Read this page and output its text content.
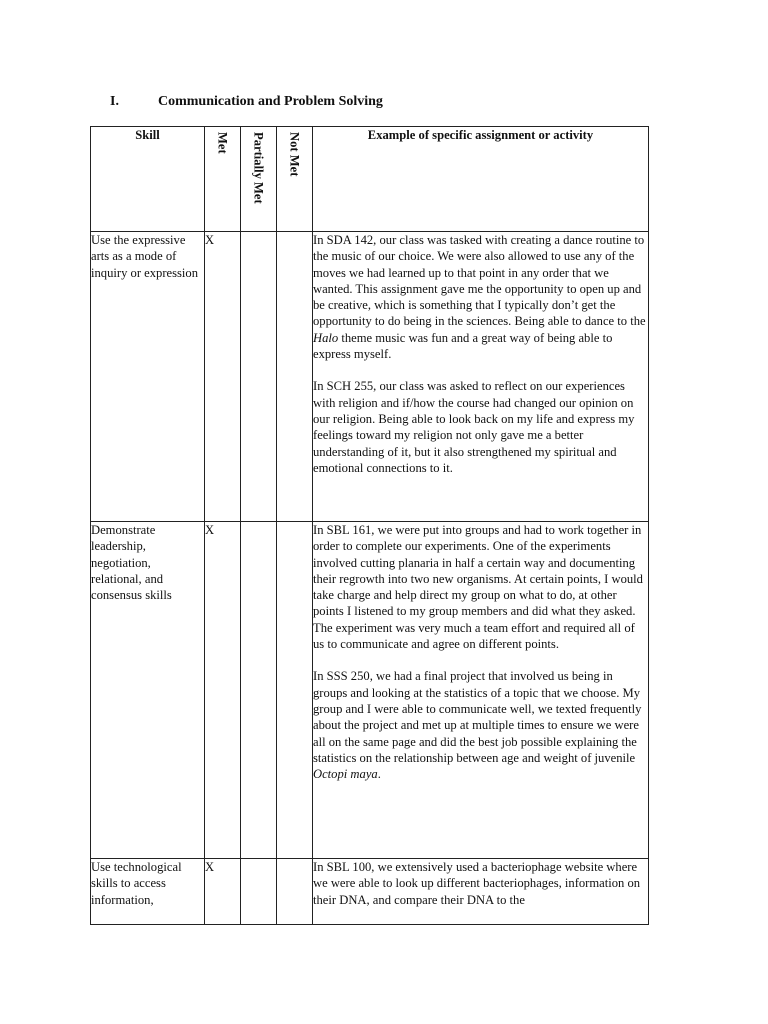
I.	Communication and Problem Solving
Skill	Met	Partially Met	Not Met	Example of specific assignment or activity
Use the expressive arts as a mode of inquiry or expression	X			In SDA 142, our class was tasked with creating a dance routine to the music of our choice. We were also allowed to use any of the moves we had learned up to that point in any order that we wanted. This assignment gave me the opportunity to open up and be creative, which is something that I typically don’t get the opportunity to do being in the sciences. Being able to dance to the Halo theme music was fun and a great way of being able to express myself.
In SCH 255, our class was asked to reflect on our experiences with religion and if/how the course had changed our opinion on our religion. Being able to look back on my life and express my feelings toward my religion not only gave me a better understanding of it, but it also strengthened my spiritual and emotional connections to it.

Demonstrate leadership, negotiation, relational, and consensus skills	X			In SBL 161, we were put into groups and had to work together in order to complete our experiments. One of the experiments involved cutting planaria in half a certain way and documenting their regrowth into two new organisms. At certain points, I would take charge and help direct my group on what to do, at other points I listened to my group members and did what they asked. The experiment was very much a team effort and required all of us to communicate and agree on different points.
In SSS 250, we had a final project that involved us being in groups and looking at the statistics of a topic that we choose. My group and I were able to communicate well, we texted frequently about the project and met up at multiple times to ensure we were all on the same page and did the best job possible explaining the statistics on the relationship between age and weight of juvenile Octopi maya.

Use technological skills to access information,	X			In SBL 100, we extensively used a bacteriophage website where we were able to look up different bacteriophages, information on their DNA, and compare their DNA to the
